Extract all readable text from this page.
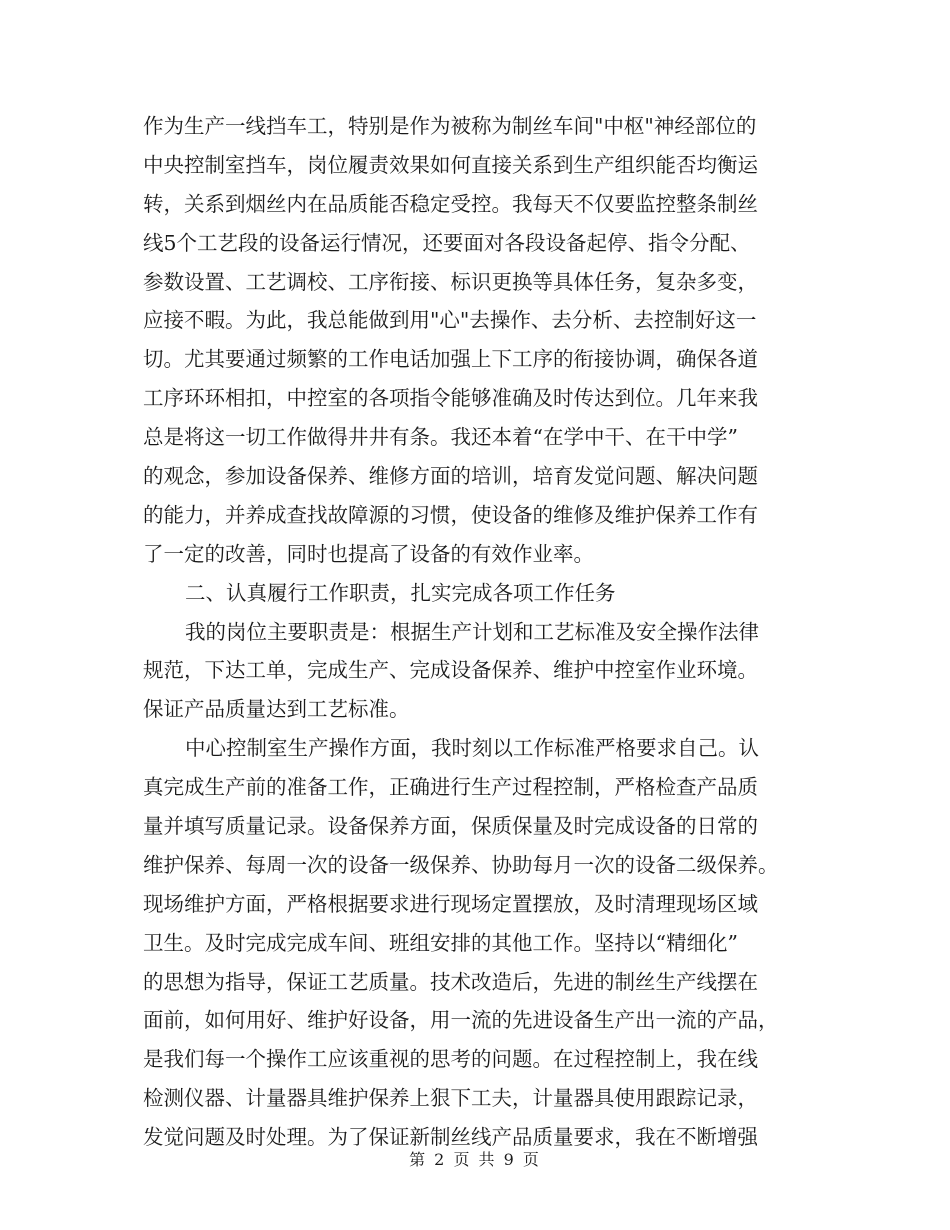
作为生产一线挡车工，特别是作为被称为制丝车间"中枢"神经部位的
中央控制室挡车，岗位履责效果如何直接关系到生产组织能否均衡运
转，关系到烟丝内在品质能否稳定受控。我每天不仅要监控整条制丝
线5个工艺段的设备运行情况，还要面对各段设备起停、指令分配、
参数设置、工艺调校、工序衔接、标识更换等具体任务，复杂多变，
应接不暇。为此，我总能做到用"心"去操作、去分析、去控制好这一
切。尤其要通过频繁的工作电话加强上下工序的衔接协调，确保各道
工序环环相扣，中控室的各项指令能够准确及时传达到位。几年来我
总是将这一切工作做得井井有条。我还本着“在学中干、在干中学”
的观念，参加设备保养、维修方面的培训，培育发觉问题、解决问题
的能力，并养成查找故障源的习惯，使设备的维修及维护保养工作有
了一定的改善，同时也提高了设备的有效作业率。
二、认真履行工作职责，扎实完成各项工作任务
我的岗位主要职责是：根据生产计划和工艺标准及安全操作法律
规范，下达工单，完成生产、完成设备保养、维护中控室作业环境。
保证产品质量达到工艺标准。
中心控制室生产操作方面，我时刻以工作标准严格要求自己。认
真完成生产前的准备工作，正确进行生产过程控制，严格检查产品质
量并填写质量记录。设备保养方面，保质保量及时完成设备的日常的
维护保养、每周一次的设备一级保养、协助每月一次的设备二级保养。
现场维护方面，严格根据要求进行现场定置摆放，及时清理现场区域
卫生。及时完成完成车间、班组安排的其他工作。坚持以“精细化”
的思想为指导，保证工艺质量。技术改造后，先进的制丝生产线摆在
面前，如何用好、维护好设备，用一流的先进设备生产出一流的产品，
是我们每一个操作工应该重视的思考的问题。在过程控制上，我在线
检测仪器、计量器具维护保养上狠下工夫，计量器具使用跟踪记录，
发觉问题及时处理。为了保证新制丝线产品质量要求，我在不断增强
第 2 页 共 9 页
